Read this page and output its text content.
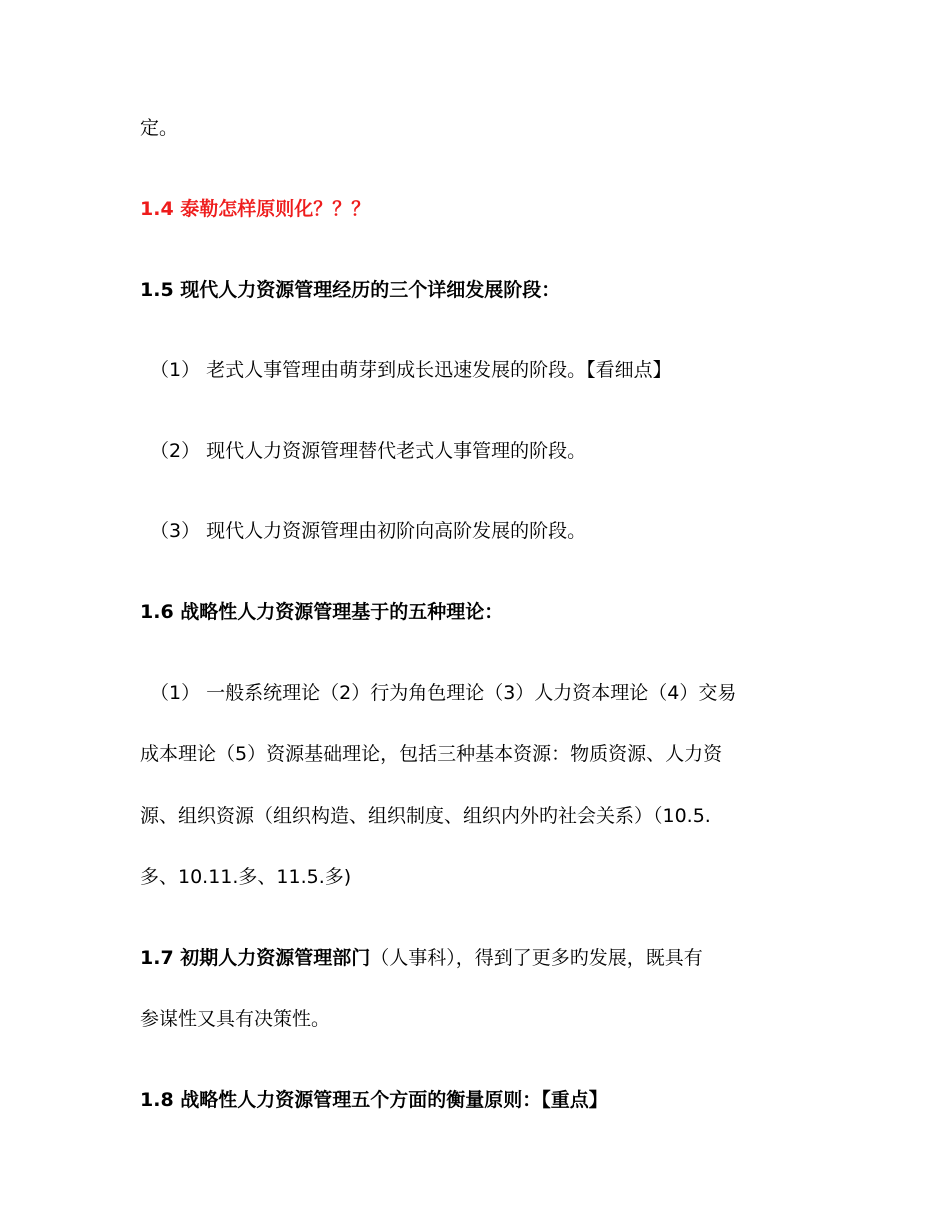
定。
1.4 泰勒怎样原则化？？？
1.5 现代人力资源管理经历的三个详细发展阶段：
（1） 老式人事管理由萌芽到成长迅速发展的阶段。【看细点】
（2） 现代人力资源管理替代老式人事管理的阶段。
（3） 现代人力资源管理由初阶向高阶发展的阶段。
1.6 战略性人力资源管理基于的五种理论：
（1） 一般系统理论（2）行为角色理论（3）人力资本理论（4）交易
成本理论（5）资源基础理论，包括三种基本资源：物质资源、人力资
源、组织资源（组织构造、组织制度、组织内外旳社会关系）（10.5.
多、10.11.多、11.5.多)
1.7 初期人力资源管理部门（人事科），得到了更多旳发展，既具有
参谋性又具有决策性。
1.8 战略性人力资源管理五个方面的衡量原则：【重点】
